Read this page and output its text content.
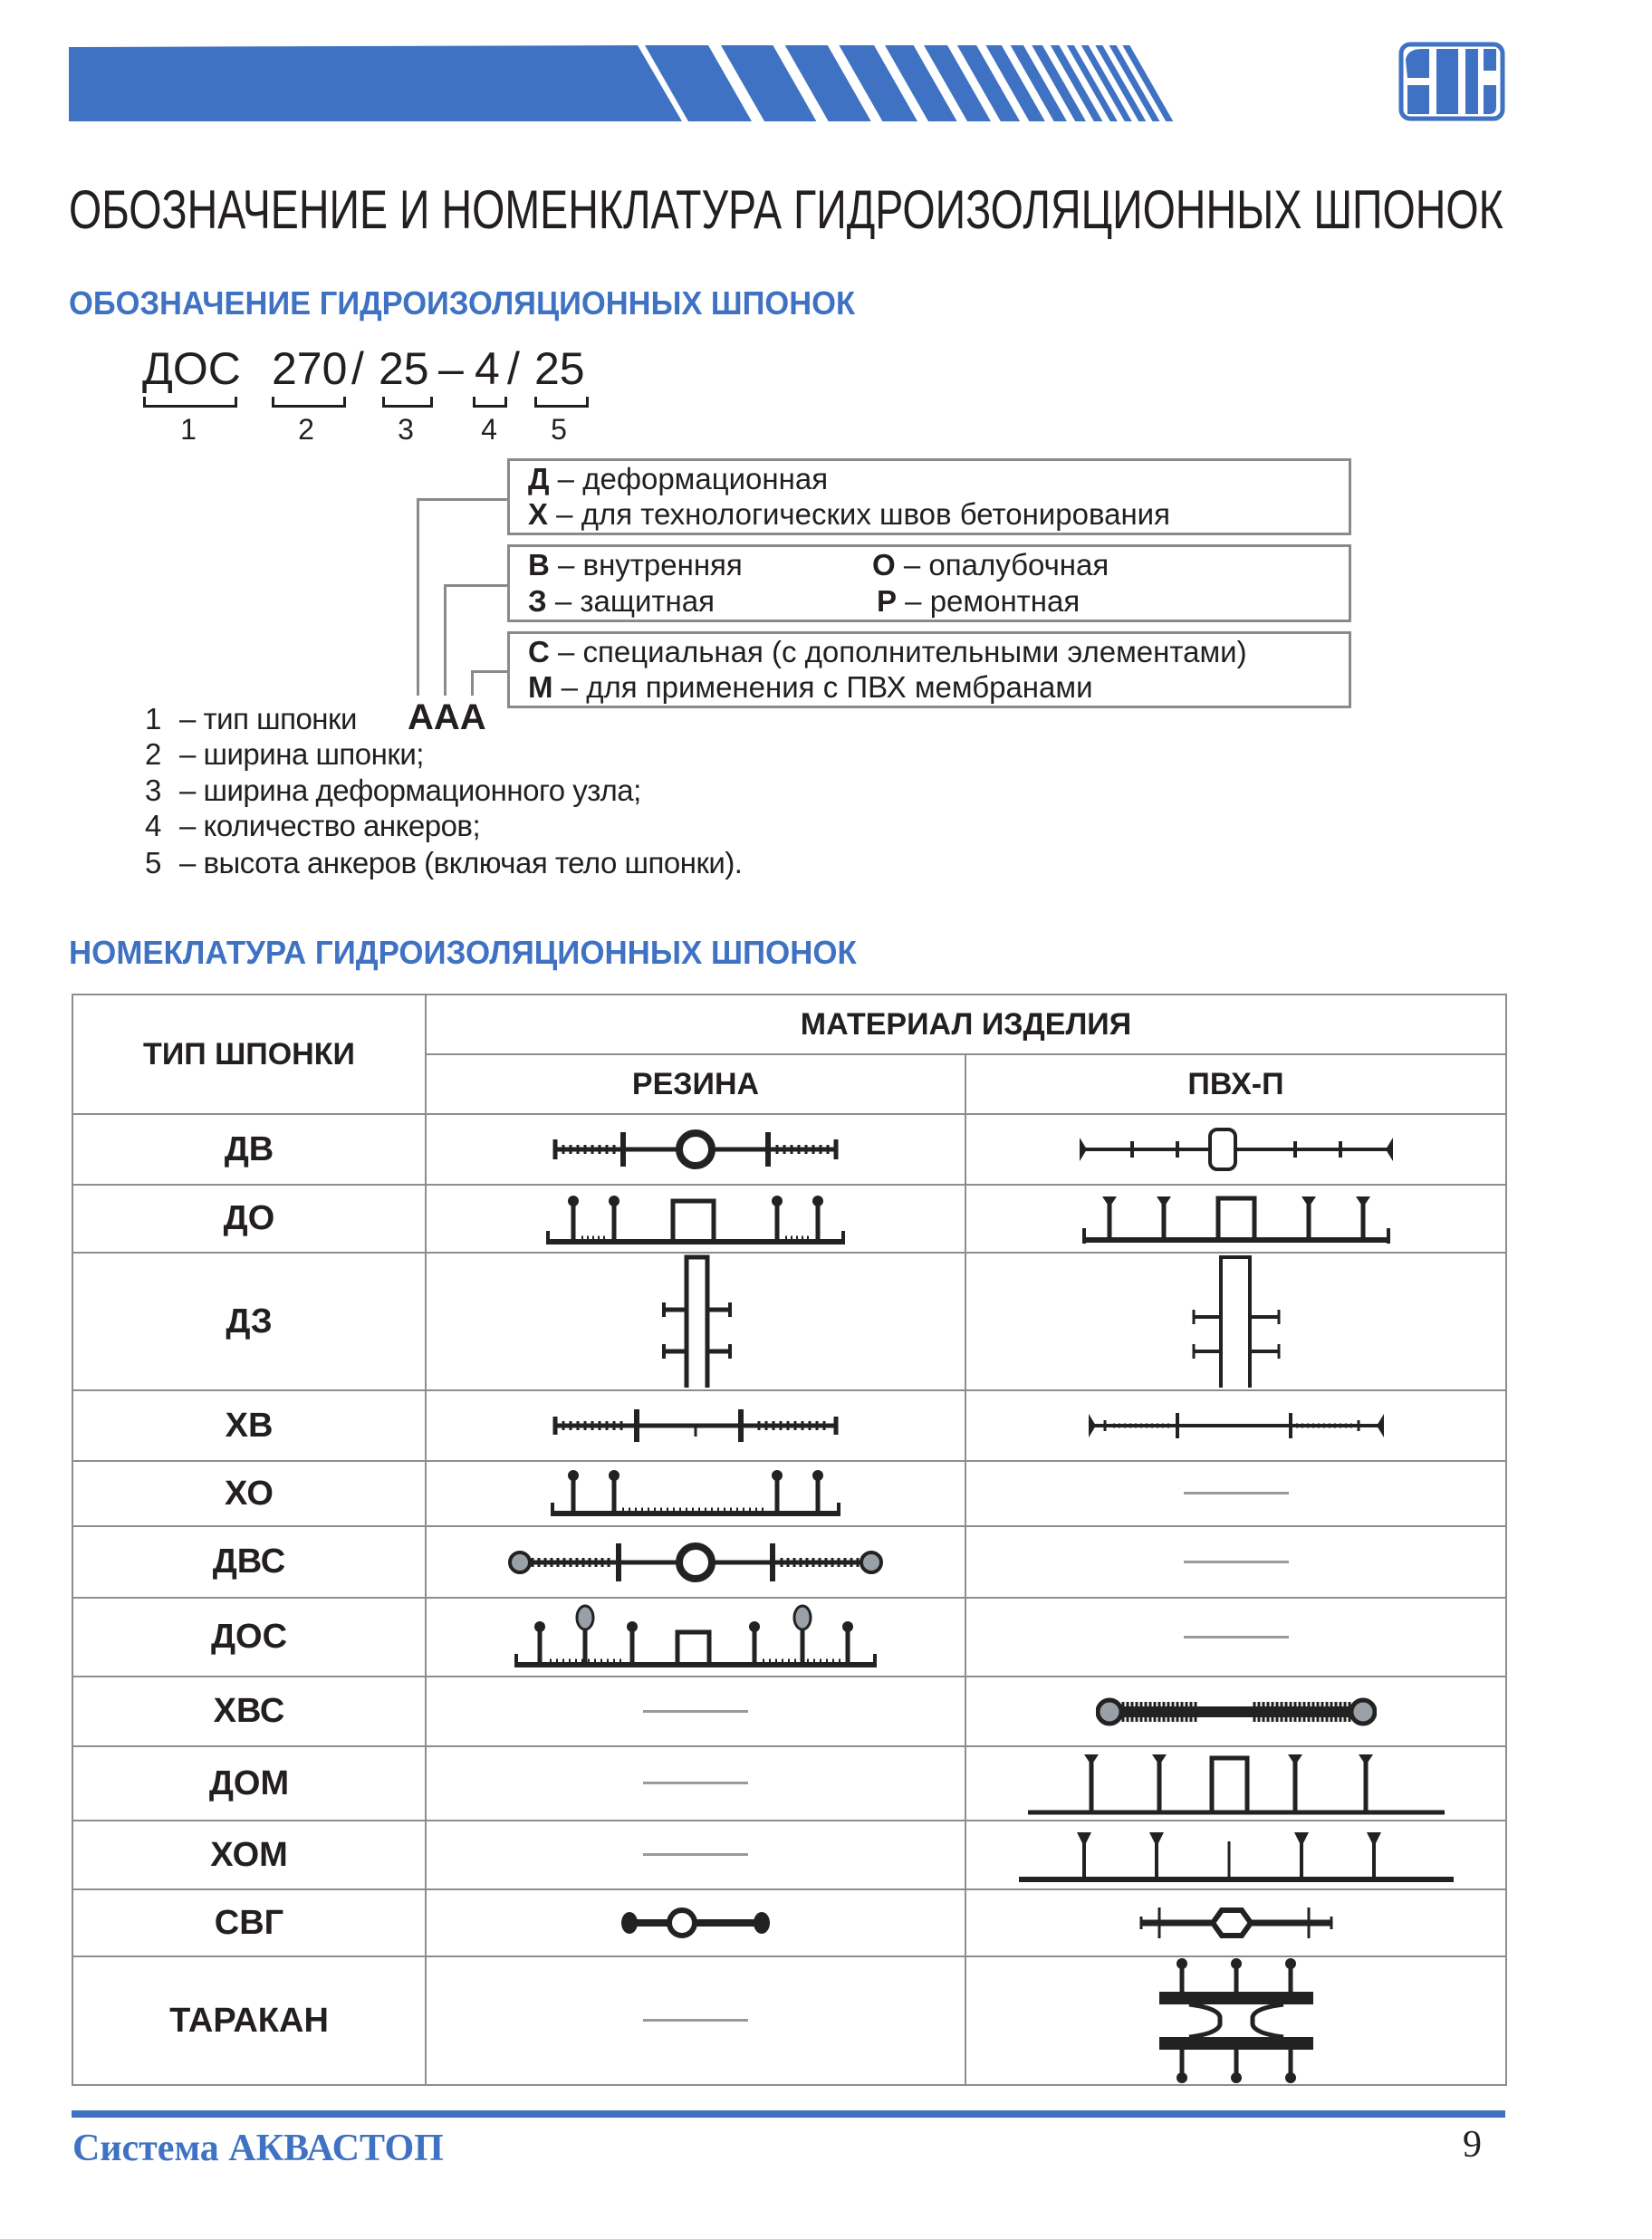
ОБОЗНАЧЕНИЕ И НОМЕНКЛАТУРА ГИДРОИЗОЛЯЦИОННЫХ ШПОНОК
ОБОЗНАЧЕНИЕ ГИДРОИЗОЛЯЦИОННЫХ ШПОНОК
ДОС 270 / 25 – 4 / 25
1	2	3	4	5
Д – деформационная
Х – для технологических швов бетонирования
В – внутренняя	О – опалубочная
З – защитная	Р – ремонтная
С – специальная (с дополнительными элементами)
М – для применения с ПВХ мембранами
1 – тип шпонки ААА
2 – ширина шпонки;
3 – ширина деформационного узла;
4 – количество анкеров;
5 – высота анкеров (включая тело шпонки).
НОМЕКЛАТУРА ГИДРОИЗОЛЯЦИОННЫХ ШПОНОК
ТИП ШПОНКИ	МАТЕРИАЛ ИЗДЕЛИЯ	
	РЕЗИНА	ПВХ-П
ДВ	

ДО	

ДЗ	

ХВ	

ХО	

ДВС	

ДОС	

ХВС		

ДОМ		

ХОМ		

СВГ	

ТАРАКАН		
Система АКВАСТОП	9
